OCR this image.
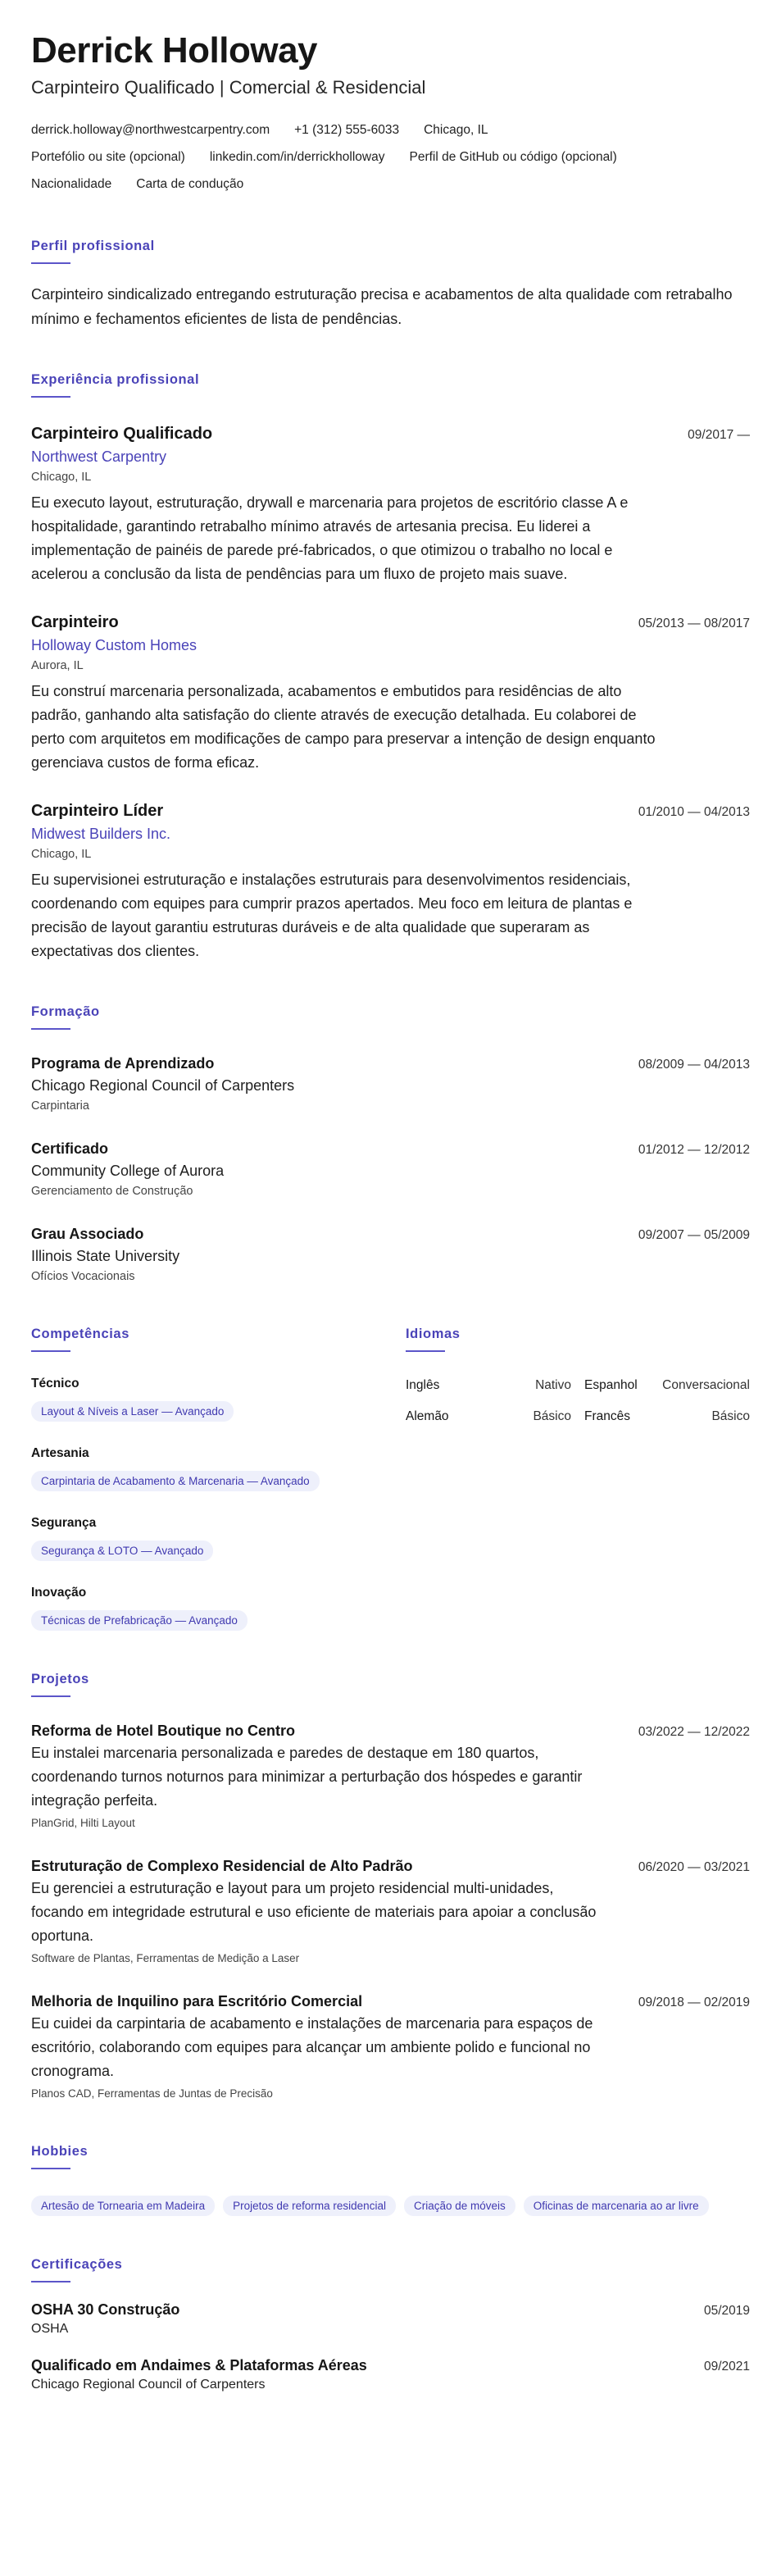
Derrick Holloway
Carpinteiro Qualificado | Comercial & Residencial
derrick.holloway@northwestcarpentry.com +1 (312) 555-6033 Chicago, IL
Portefólio ou site (opcional) linkedin.com/in/derrickholloway Perfil de GitHub ou código (opcional)
Nacionalidade Carta de condução
Perfil profissional

Carpinteiro sindicalizado entregando estruturação precisa e acabamentos de alta qualidade com retrabalho mínimo e fechamentos eficientes de lista de pendências.

Experiência profissional
Carpinteiro Qualificado	09/2017 —
Northwest Carpentry
Chicago, IL
Eu executo layout, estruturação, drywall e marcenaria para projetos de escritório classe A e hospitalidade, garantindo retrabalho mínimo através de artesania precisa. Eu liderei a implementação de painéis de parede pré-fabricados, o que otimizou o trabalho no local e acelerou a conclusão da lista de pendências para um fluxo de projeto mais suave.
Carpinteiro	05/2013 — 08/2017
Holloway Custom Homes
Aurora, IL
Eu construí marcenaria personalizada, acabamentos e embutidos para residências de alto padrão, ganhando alta satisfação do cliente através de execução detalhada. Eu colaborei de perto com arquitetos em modificações de campo para preservar a intenção de design enquanto gerenciava custos de forma eficaz.
Carpinteiro Líder	01/2010 — 04/2013
Midwest Builders Inc.
Chicago, IL
Eu supervisionei estruturação e instalações estruturais para desenvolvimentos residenciais, coordenando com equipes para cumprir prazos apertados. Meu foco em leitura de plantas e precisão de layout garantiu estruturas duráveis e de alta qualidade que superaram as expectativas dos clientes.
Formação
Programa de Aprendizado	08/2009 — 04/2013
Chicago Regional Council of Carpenters
Carpintaria
Certificado	01/2012 — 12/2012
Community College of Aurora
Gerenciamento de Construção
Grau Associado	09/2007 — 05/2009
Illinois State University
Ofícios Vocacionais
Competências
Técnico
Layout & Níveis a Laser — Avançado
Artesania
Carpintaria de Acabamento & Marcenaria — Avançado
Segurança
Segurança & LOTO — Avançado
Inovação
Técnicas de Prefabricação — Avançado
Idiomas
Inglês	Nativo Espanhol Conversacional
Alemão	Básico Francês	Básico
Projetos
Reforma de Hotel Boutique no Centro	03/2022 — 12/2022
Eu instalei marcenaria personalizada e paredes de destaque em 180 quartos, coordenando turnos noturnos para minimizar a perturbação dos hóspedes e garantir integração perfeita.
PlanGrid, Hilti Layout
Estruturação de Complexo Residencial de Alto Padrão	06/2020 — 03/2021
Eu gerenciei a estruturação e layout para um projeto residencial multi-unidades, focando em integridade estrutural e uso eficiente de materiais para apoiar a conclusão oportuna.
Software de Plantas, Ferramentas de Medição a Laser
Melhoria de Inquilino para Escritório Comercial	09/2018 — 02/2019
Eu cuidei da carpintaria de acabamento e instalações de marcenaria para espaços de escritório, colaborando com equipes para alcançar um ambiente polido e funcional no cronograma.
Planos CAD, Ferramentas de Juntas de Precisão
Hobbies
Artesão de Tornearia em Madeira	Projetos de reforma residencial	Criação de móveis	Oficinas de marcenaria ao ar livre
Certificações
OSHA 30 Construção	05/2019
OSHA
Qualificado em Andaimes & Plataformas Aéreas	09/2021
Chicago Regional Council of Carpenters
